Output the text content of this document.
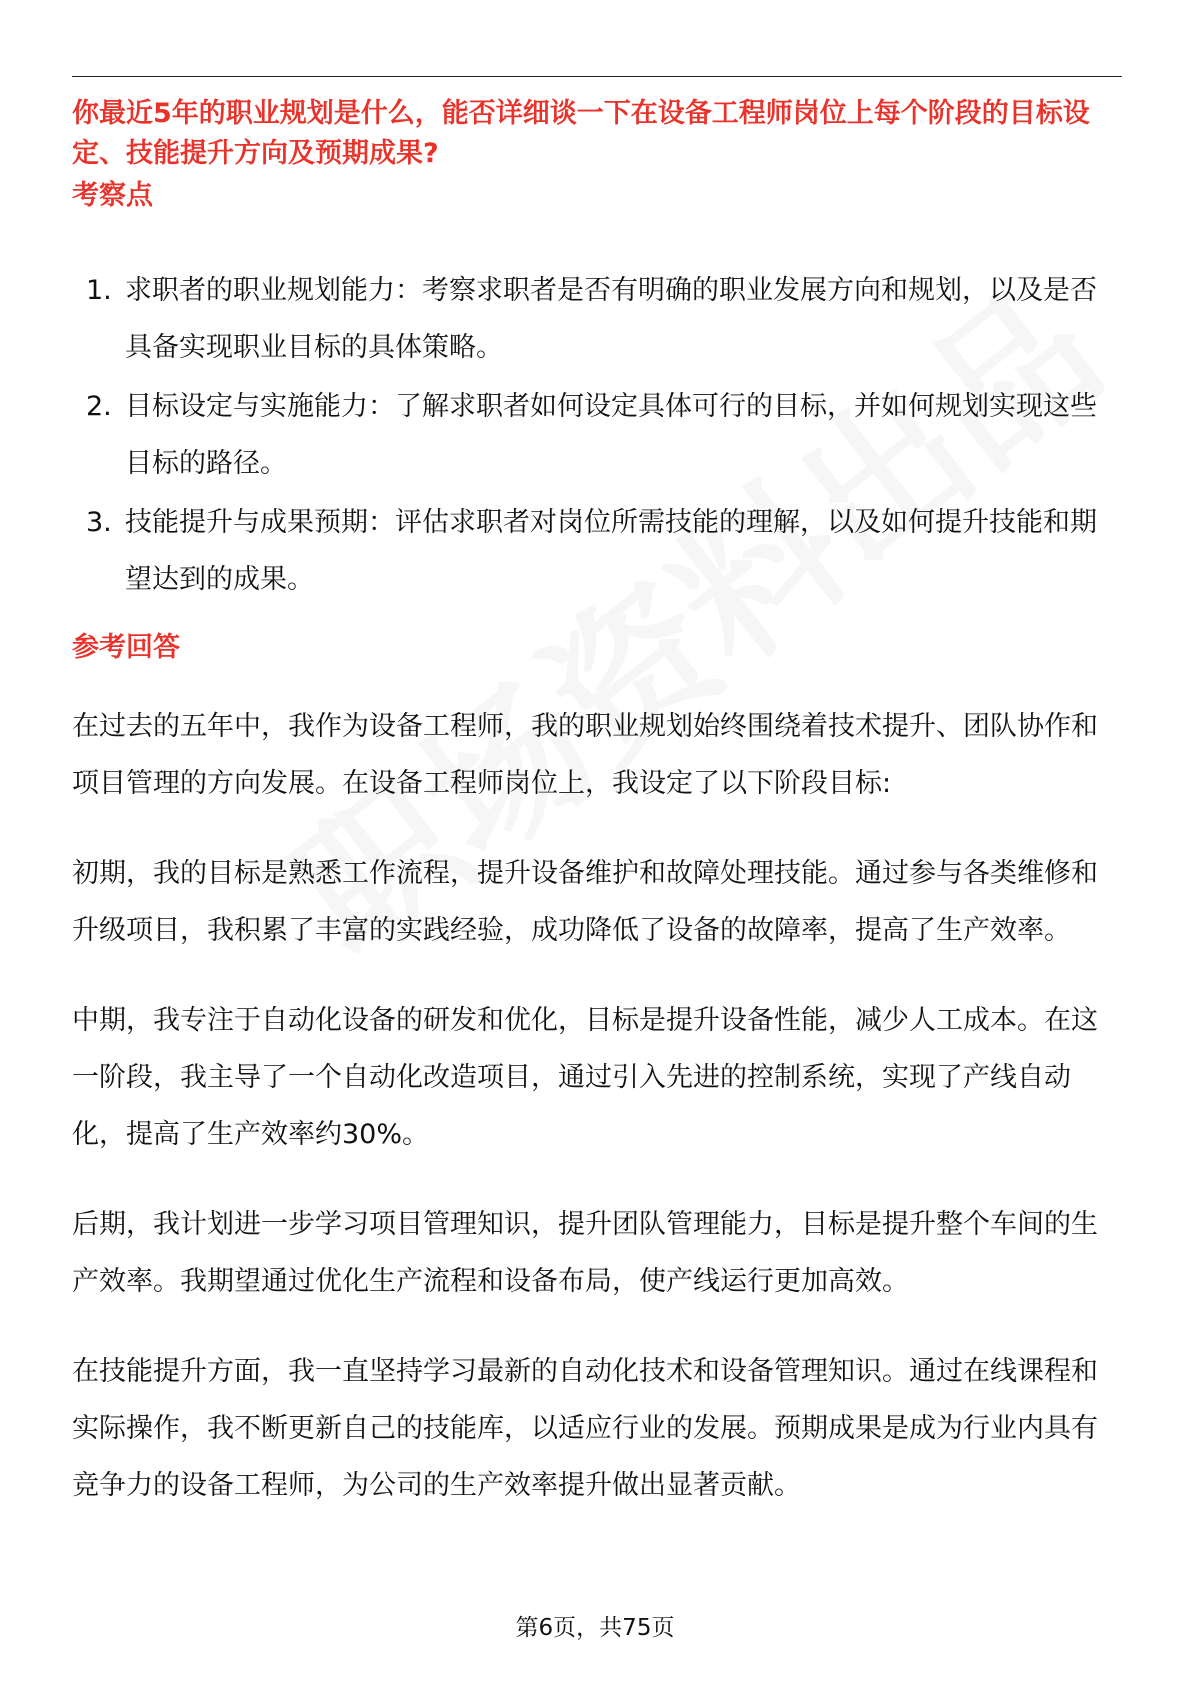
你最近5年的职业规划是什么，能否详细谈一下在设备工程师岗位上每个阶段的目标设定、技能提升方向及预期成果?
考察点
1. 求职者的职业规划能力：考察求职者是否有明确的职业发展方向和规划，以及是否具备实现职业目标的具体策略。
2. 目标设定与实施能力：了解求职者如何设定具体可行的目标，并如何规划实现这些目标的路径。
3. 技能提升与成果预期：评估求职者对岗位所需技能的理解，以及如何提升技能和期望达到的成果。
参考回答

在过去的五年中，我作为设备工程师，我的职业规划始终围绕着技术提升、团队协作和项目管理的方向发展。在设备工程师岗位上，我设定了以下阶段目标:

初期，我的目标是熟悉工作流程，提升设备维护和故障处理技能。通过参与各类维修和升级项目，我积累了丰富的实践经验，成功降低了设备的故障率，提高了生产效率。

中期，我专注于自动化设备的研发和优化，目标是提升设备性能，减少人工成本。在这一阶段，我主导了一个自动化改造项目，通过引入先进的控制系统，实现了产线自动化，提高了生产效率约30%。

后期，我计划进一步学习项目管理知识，提升团队管理能力，目标是提升整个车间的生产效率。我期望通过优化生产流程和设备布局，使产线运行更加高效。

在技能提升方面，我一直坚持学习最新的自动化技术和设备管理知识。通过在线课程和实际操作，我不断更新自己的技能库，以适应行业的发展。预期成果是成为行业内具有竞争力的设备工程师，为公司的生产效率提升做出显著贡献。

第6页，共75页
